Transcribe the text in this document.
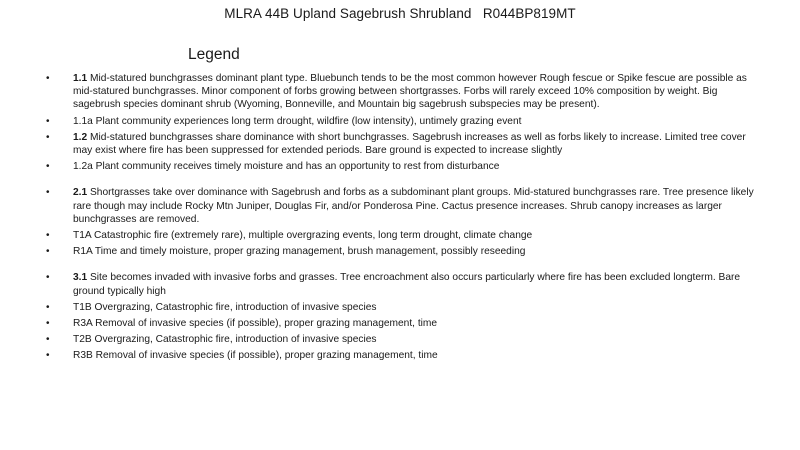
MLRA 44B Upland Sagebrush Shrubland   R044BP819MT
Legend
• 1.1 Mid-statured bunchgrasses dominant plant type. Bluebunch tends to be the most common however Rough fescue or Spike fescue are possible as mid-statured bunchgrasses. Minor component of forbs growing between shortgrasses. Forbs will rarely exceed 10% composition by weight. Big sagebrush species dominant shrub (Wyoming, Bonneville, and Mountain big sagebrush subspecies may be present).
• 1.1a Plant community experiences long term drought, wildfire (low intensity), untimely grazing event
• 1.2 Mid-statured bunchgrasses share dominance with short bunchgrasses. Sagebrush increases as well as forbs likely to increase. Limited tree cover may exist where fire has been suppressed for extended periods. Bare ground is expected to increase slightly
• 1.2a Plant community receives timely moisture and has an opportunity to rest from disturbance
• 2.1 Shortgrasses take over dominance with Sagebrush and forbs as a subdominant plant groups. Mid-statured bunchgrasses rare. Tree presence likely rare though may include Rocky Mtn Juniper, Douglas Fir, and/or Ponderosa Pine. Cactus presence increases. Shrub canopy increases as larger bunchgrasses are removed.
• T1A Catastrophic fire (extremely rare), multiple overgrazing events, long term drought, climate change
• R1A Time and timely moisture, proper grazing management, brush management, possibly reseeding
• 3.1 Site becomes invaded with invasive forbs and grasses. Tree encroachment also occurs particularly where fire has been excluded longterm. Bare ground typically high
• T1B Overgrazing, Catastrophic fire, introduction of invasive species
• R3A Removal of invasive species (if possible), proper grazing management, time
• T2B Overgrazing, Catastrophic fire, introduction of invasive species
• R3B Removal of invasive species (if possible), proper grazing management, time
